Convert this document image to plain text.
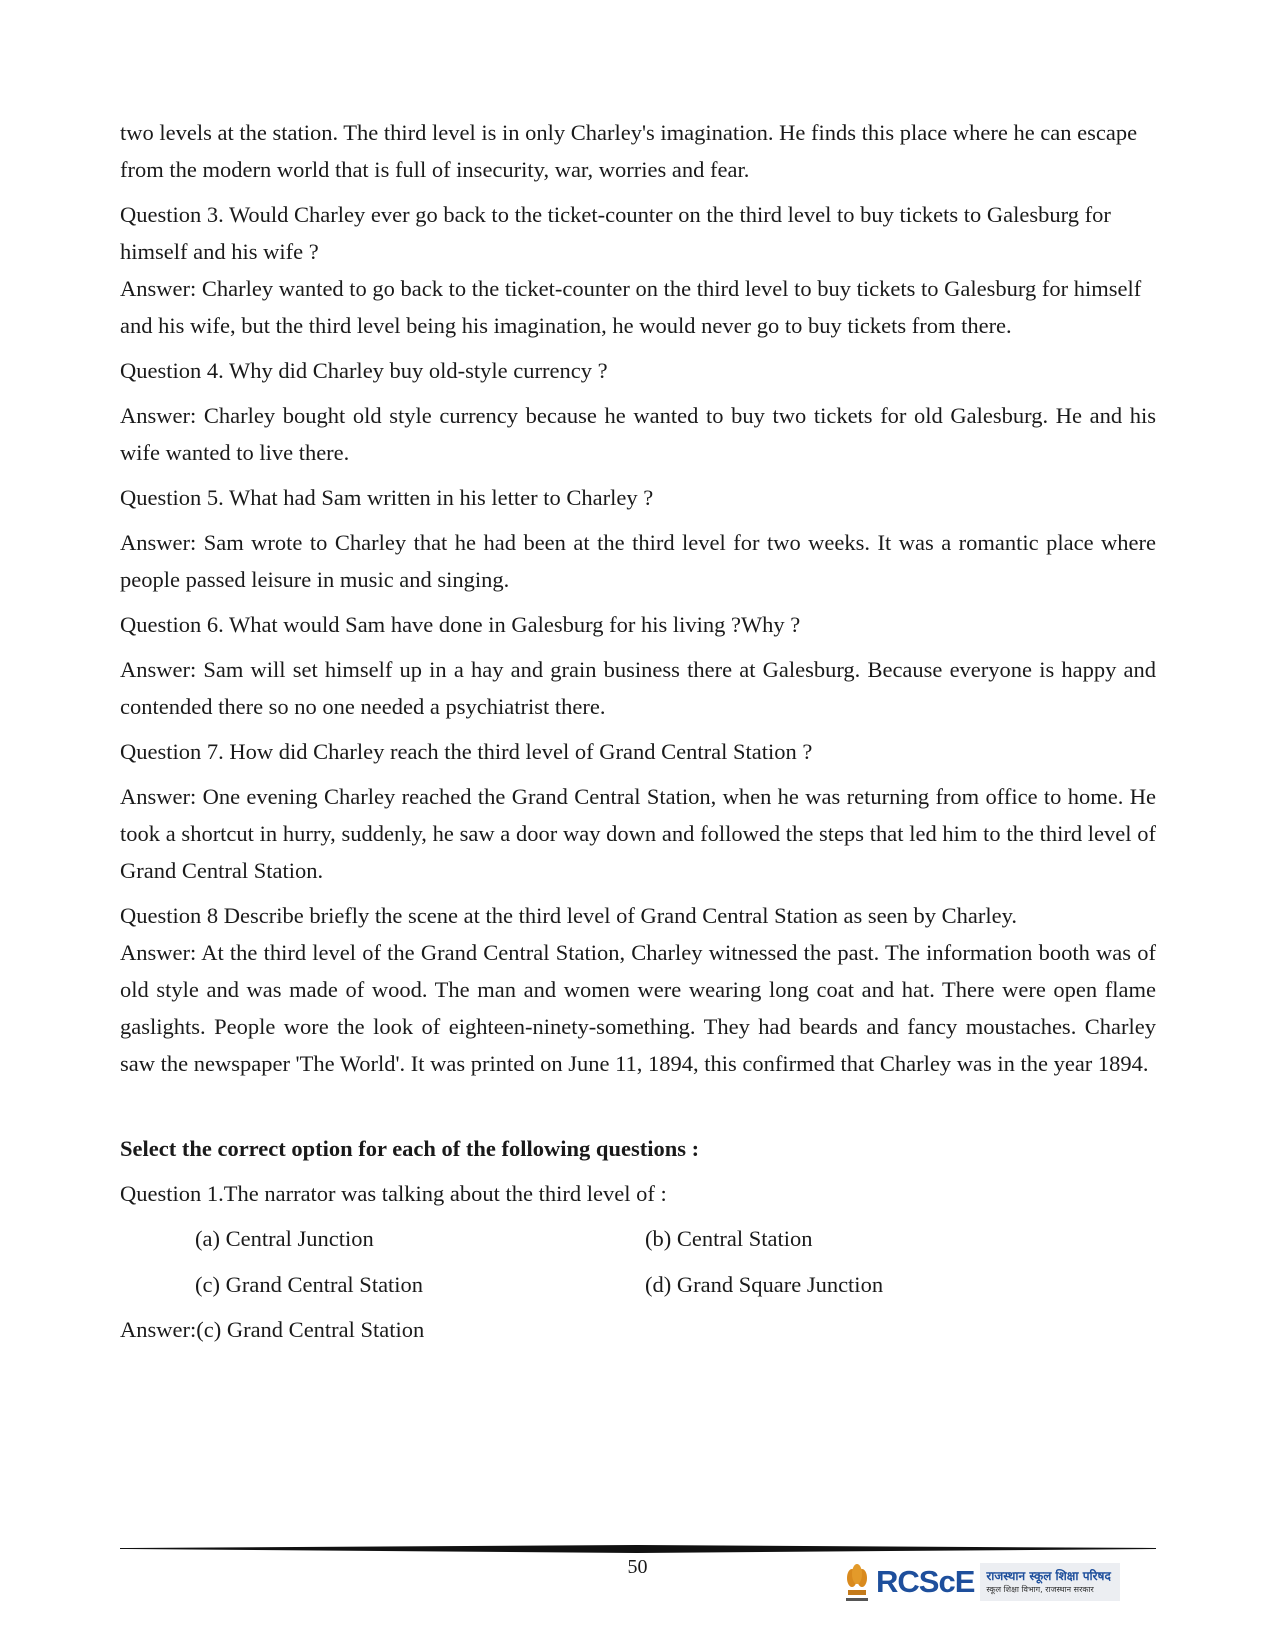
two levels at the station. The third level is in only Charley's imagination. He finds this place where he can escape from the modern world that is full of insecurity, war, worries and fear.

Question 3. Would Charley ever go back to the ticket-counter on the third level to buy tickets to Galesburg for himself and his wife ?

Answer: Charley wanted to go back to the ticket-counter on the third level to buy tickets to Galesburg for himself and his wife, but the third level being his imagination, he would never go to buy tickets from there.

Question 4. Why did Charley buy old-style currency ?

Answer: Charley bought old style currency because he wanted to buy two tickets for old Galesburg. He and his wife wanted to live there.

Question 5. What had Sam written in his letter to Charley ?

Answer: Sam wrote to Charley that he had been at the third level for two weeks. It was a romantic place where people passed leisure in music and singing.

Question 6. What would Sam have done in Galesburg for his living ?Why ?

Answer: Sam will set himself up in a hay and grain business there at Galesburg. Because everyone is happy and contended there so no one needed a psychiatrist there.

Question 7. How did Charley reach the third level of Grand Central Station ?

Answer: One evening Charley reached the Grand Central Station, when he was returning from office to home. He took a shortcut in hurry, suddenly, he saw a door way down and followed the steps that led him to the third level of Grand Central Station.

Question 8 Describe briefly the scene at the third level of Grand Central Station as seen by Charley.

Answer: At the third level of the Grand Central Station, Charley witnessed the past. The information booth was of old style and was made of wood. The man and women were wearing long coat and hat. There were open flame gaslights. People wore the look of eighteen-ninety-something. They had beards and fancy moustaches. Charley saw the newspaper 'The World'. It was printed on June 11, 1894, this confirmed that Charley was in the year 1894.

Select the correct option for each of the following questions :

Question 1.The narrator was talking about the third level of :

(a) Central Junction	(b) Central Station
(c) Grand Central Station	(d) Grand Square Junction

Answer:(c) Grand Central Station

50	RCScE राजस्थान स्कूल शिक्षा परिषद
स्कूल शिक्षा विभाग, राजस्थान सरकार
